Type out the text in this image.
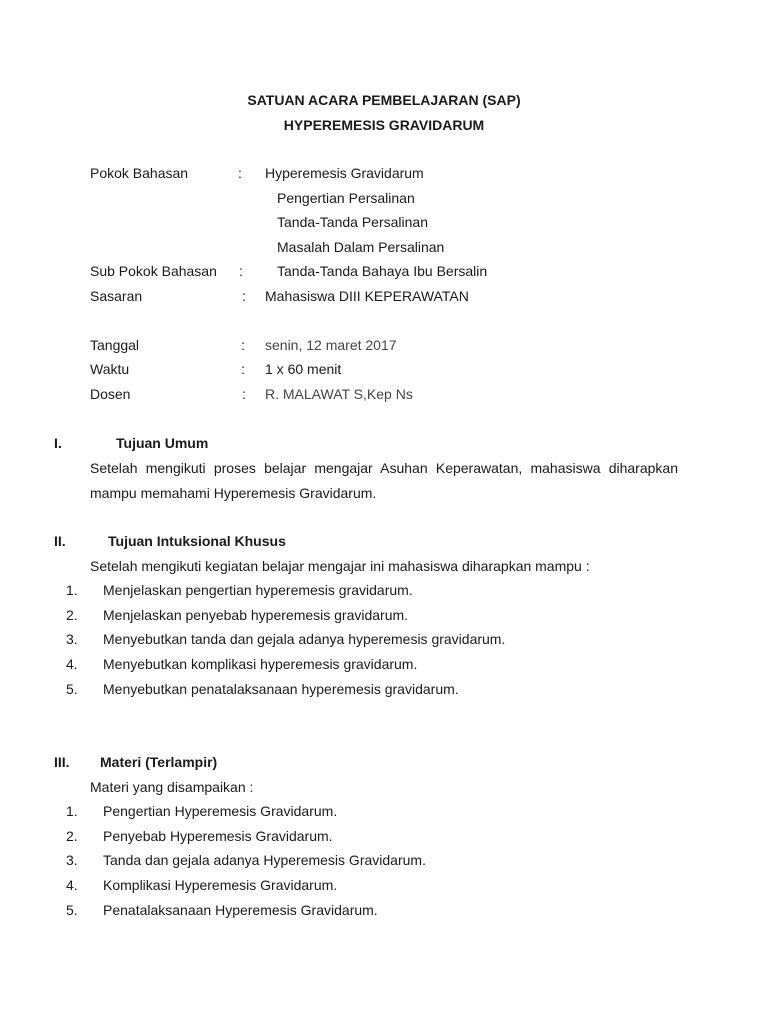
SATUAN ACARA PEMBELAJARAN (SAP)
HYPEREMESIS GRAVIDARUM
Pokok Bahasan	: Hyperemesis Gravidarum
Pengertian Persalinan
Tanda-Tanda Persalinan
Masalah Dalam Persalinan
Sub Pokok Bahasan : Tanda-Tanda Bahaya Ibu Bersalin
Sasaran	: Mahasiswa DIII KEPERAWATAN
Tanggal	: senin, 12 maret 2017
Waktu	: 1 x 60 menit
Dosen	: R. MALAWAT S,Kep Ns
I.	Tujuan Umum
Setelah mengikuti proses belajar mengajar Asuhan Keperawatan, mahasiswa diharapkan
mampu memahami Hyperemesis Gravidarum.
II.	Tujuan Intuksional Khusus
Setelah mengikuti kegiatan belajar mengajar ini mahasiswa diharapkan mampu :
1. Menjelaskan pengertian hyperemesis gravidarum.
2. Menjelaskan penyebab hyperemesis gravidarum.
3. Menyebutkan tanda dan gejala adanya hyperemesis gravidarum.
4. Menyebutkan komplikasi hyperemesis gravidarum.
5. Menyebutkan penatalaksanaan hyperemesis gravidarum.
III. Materi (Terlampir)
Materi yang disampaikan :
1. Pengertian Hyperemesis Gravidarum.
2. Penyebab Hyperemesis Gravidarum.
3. Tanda dan gejala adanya Hyperemesis Gravidarum.
4. Komplikasi Hyperemesis Gravidarum.
5. Penatalaksanaan Hyperemesis Gravidarum.
